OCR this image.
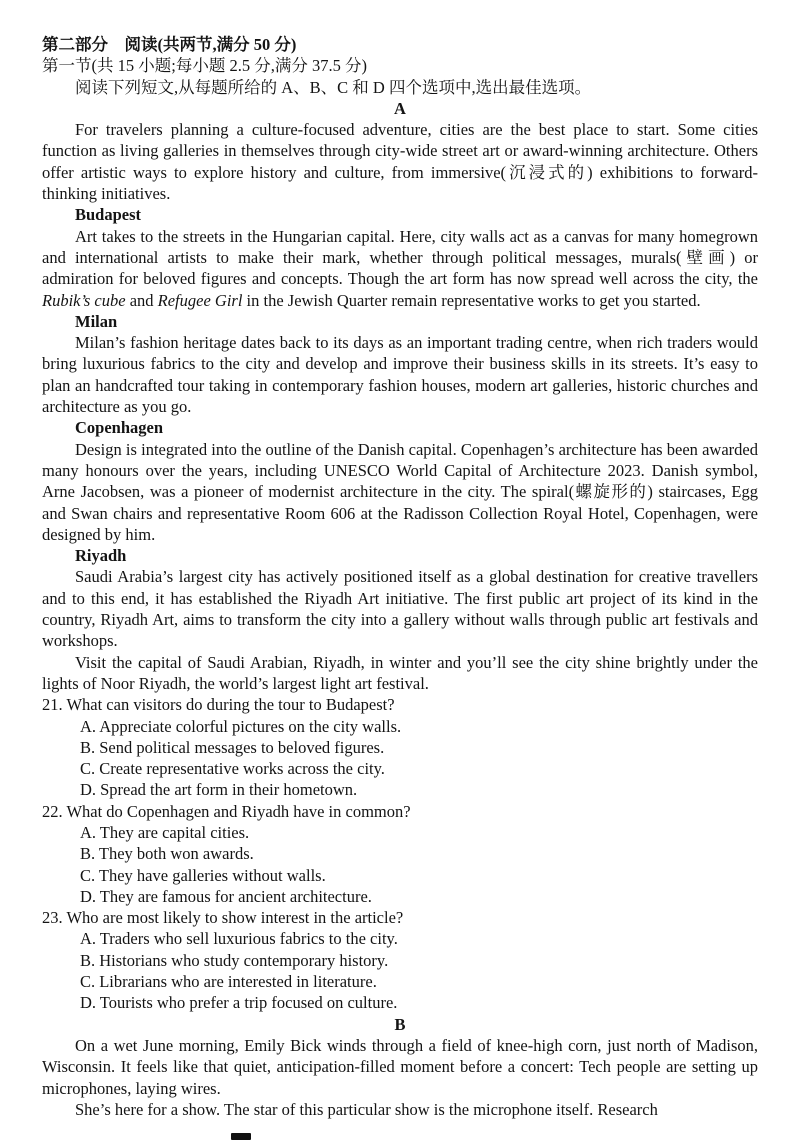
第二部分　阅读(共两节,满分 50 分)

第一节(共 15 小题;每小题 2.5 分,满分 37.5 分)

阅读下列短文,从每题所给的 A、B、C 和 D 四个选项中,选出最佳选项。

A

For travelers planning a culture-focused adventure, cities are the best place to start. Some cities function as living galleries in themselves through city-wide street art or award-winning architecture. Others offer artistic ways to explore history and culture, from immersive(沉浸式的) exhibitions to forward-thinking initiatives.

Budapest

Art takes to the streets in the Hungarian capital. Here, city walls act as a canvas for many homegrown and international artists to make their mark, whether through political messages, murals(壁画) or admiration for beloved figures and concepts. Though the art form has now spread well across the city, the Rubik’s cube and Refugee Girl in the Jewish Quarter remain representative works to get you started.

Milan

Milan’s fashion heritage dates back to its days as an important trading centre, when rich traders would bring luxurious fabrics to the city and develop and improve their business skills in its streets. It’s easy to plan an handcrafted tour taking in contemporary fashion houses, modern art galleries, historic churches and architecture as you go.

Copenhagen

Design is integrated into the outline of the Danish capital. Copenhagen’s architecture has been awarded many honours over the years, including UNESCO World Capital of Architecture 2023. Danish symbol, Arne Jacobsen, was a pioneer of modernist architecture in the city. The spiral(螺旋形的) staircases, Egg and Swan chairs and representative Room 606 at the Radisson Collection Royal Hotel, Copenhagen, were designed by him.

Riyadh

Saudi Arabia’s largest city has actively positioned itself as a global destination for creative travellers and to this end, it has established the Riyadh Art initiative. The first public art project of its kind in the country, Riyadh Art, aims to transform the city into a gallery without walls through public art festivals and workshops.

Visit the capital of Saudi Arabian, Riyadh, in winter and you’ll see the city shine brightly under the lights of Noor Riyadh, the world’s largest light art festival.

21. What can visitors do during the tour to Budapest?

A. Appreciate colorful pictures on the city walls.

B. Send political messages to beloved figures.

C. Create representative works across the city.

D. Spread the art form in their hometown.

22. What do Copenhagen and Riyadh have in common?

A. They are capital cities.

B. They both won awards.

C. They have galleries without walls.

D. They are famous for ancient architecture.

23. Who are most likely to show interest in the article?

A. Traders who sell luxurious fabrics to the city.

B. Historians who study contemporary history.

C. Librarians who are interested in literature.

D. Tourists who prefer a trip focused on culture.

B

On a wet June morning, Emily Bick winds through a field of knee-high corn, just north of Madison, Wisconsin. It feels like that quiet, anticipation-filled moment before a concert: Tech people are setting up microphones, laying wires.

She’s here for a show. The star of this particular show is the microphone itself. Research
